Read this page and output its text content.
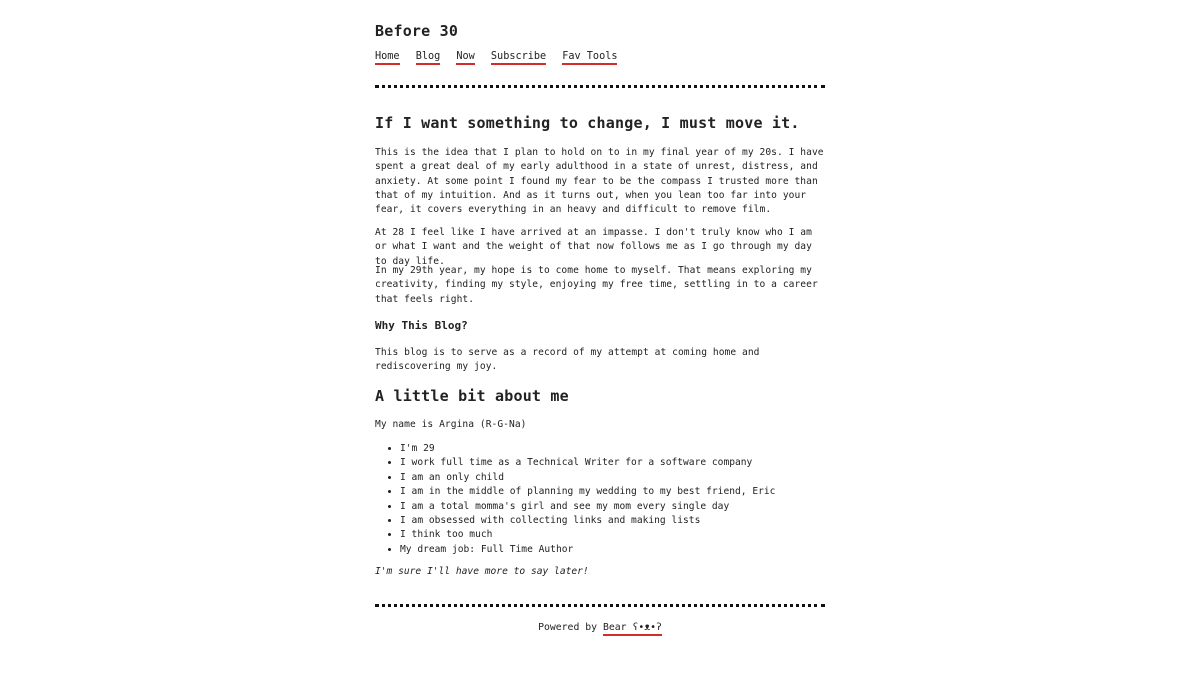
Before 30
Home Blog Now Subscribe Fav Tools
If I want something to change, I must move it.

This is the idea that I plan to hold on to in my final year of my 20s. I have spent a great deal of my early adulthood in a state of unrest, distress, and anxiety. At some point I found my fear to be the compass I trusted more than that of my intuition. And as it turns out, when you lean too far into your fear, it covers everything in an heavy and difficult to remove film.

At 28 I feel like I have arrived at an impasse. I don't truly know who I am or what I want and the weight of that now follows me as I go through my day to day life.

In my 29th year, my hope is to come home to myself. That means exploring my creativity, finding my style, enjoying my free time, settling in to a career that feels right.

Why This Blog?

This blog is to serve as a record of my attempt at coming home and rediscovering my joy.

A little bit about me

My name is Argina (R-G-Na)

• I'm 29
• I work full time as a Technical Writer for a software company
• I am an only child
• I am in the middle of planning my wedding to my best friend, Eric
• I am a total momma's girl and see my mom every single day
• I am obsessed with collecting links and making lists
• I think too much
• My dream job: Full Time Author

I'm sure I'll have more to say later!

Powered by Bear ʕ•ᴥ•ʔ
